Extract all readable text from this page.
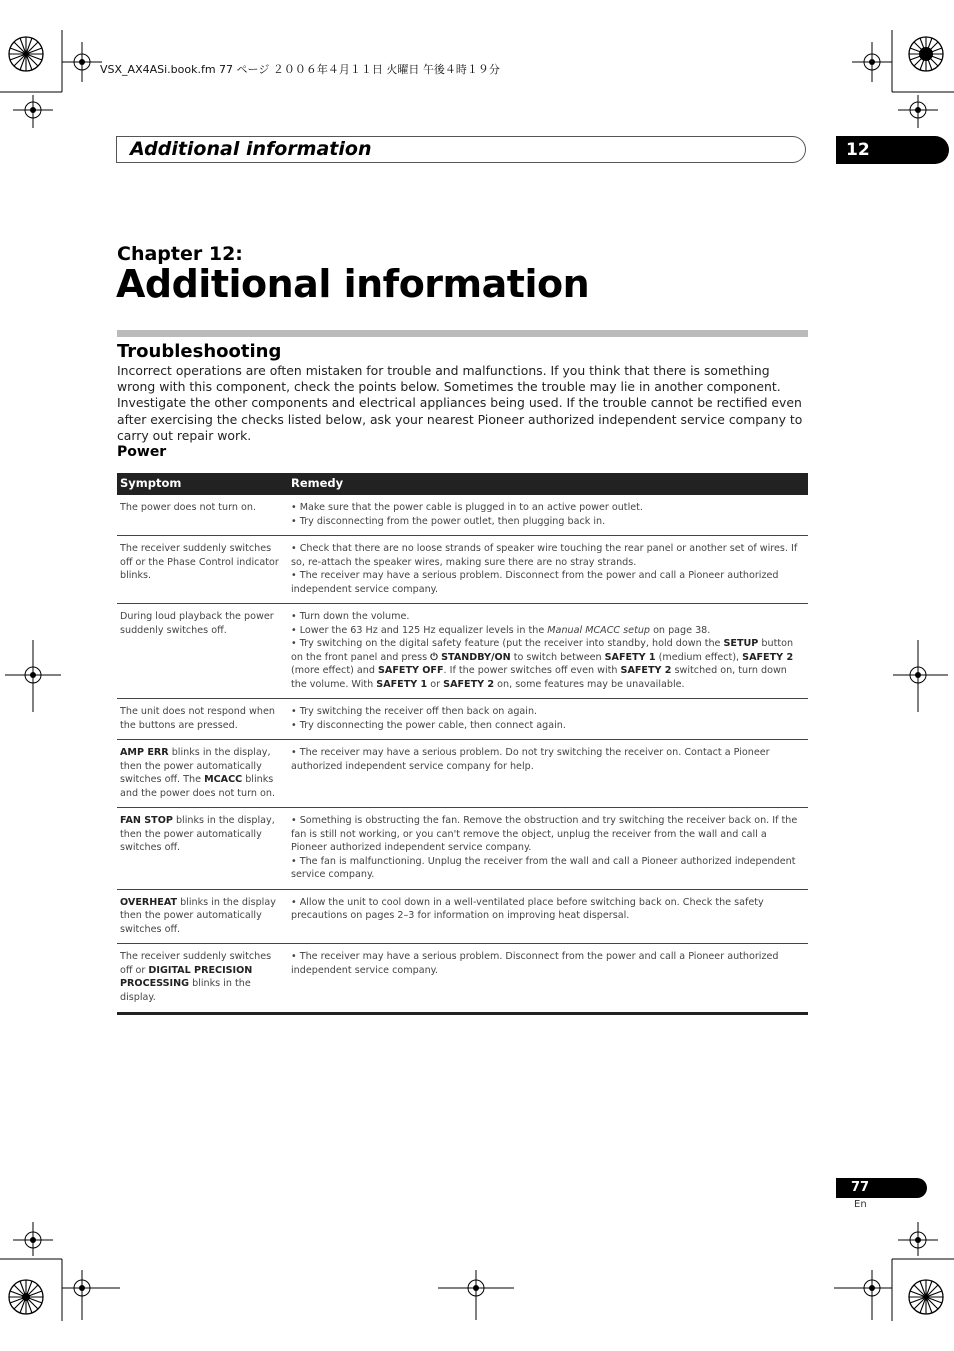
VSX_AX4ASi.book.fm 77 ページ ２００６年４月１１日 火曜日 午後４時１９分
Additional information	12
Chapter 12:
Additional information
Troubleshooting
Incorrect operations are often mistaken for trouble and malfunctions. If you think that there is something wrong with this component, check the points below. Sometimes the trouble may lie in another component. Investigate the other components and electrical appliances being used. If the trouble cannot be rectified even after exercising the checks listed below, ask your nearest Pioneer authorized independent service company to carry out repair work.
Power
Symptom	Remedy
The power does not turn on.	• Make sure that the power cable is plugged in to an active power outlet.
• Try disconnecting from the power outlet, then plugging back in.

The receiver suddenly switches off or the Phase Control indicator blinks.	• Check that there are no loose strands of speaker wire touching the rear panel or another set of wires. If so, re-attach the speaker wires, making sure there are no stray strands.
• The receiver may have a serious problem. Disconnect from the power and call a Pioneer authorized independent service company.

During loud playback the power suddenly switches off.	• Turn down the volume.
• Lower the 63 Hz and 125 Hz equalizer levels in the Manual MCACC setup on page 38.
• Try switching on the digital safety feature (put the receiver into standby, hold down the SETUP button on the front panel and press ⏻ STANDBY/ON to switch between SAFETY 1 (medium effect), SAFETY 2 (more effect) and SAFETY OFF. If the power switches off even with SAFETY 2 switched on, turn down the volume. With SAFETY 1 or SAFETY 2 on, some features may be unavailable.

The unit does not respond when the buttons are pressed.	• Try switching the receiver off then back on again.
• Try disconnecting the power cable, then connect again.

AMP ERR blinks in the display, then the power automatically switches off. The MCACC blinks and the power does not turn on.	• The receiver may have a serious problem. Do not try switching the receiver on. Contact a Pioneer authorized independent service company for help.

FAN STOP blinks in the display, then the power automatically switches off.	• Something is obstructing the fan. Remove the obstruction and try switching the receiver back on. If the fan is still not working, or you can't remove the object, unplug the receiver from the wall and call a Pioneer authorized independent service company.
• The fan is malfunctioning. Unplug the receiver from the wall and call a Pioneer authorized independent service company.

OVERHEAT blinks in the display then the power automatically switches off.	• Allow the unit to cool down in a well-ventilated place before switching back on. Check the safety precautions on pages 2–3 for information on improving heat dispersal.

The receiver suddenly switches off or DIGITAL PRECISION PROCESSING blinks in the display.	• The receiver may have a serious problem. Disconnect from the power and call a Pioneer authorized independent service company.
77
En
